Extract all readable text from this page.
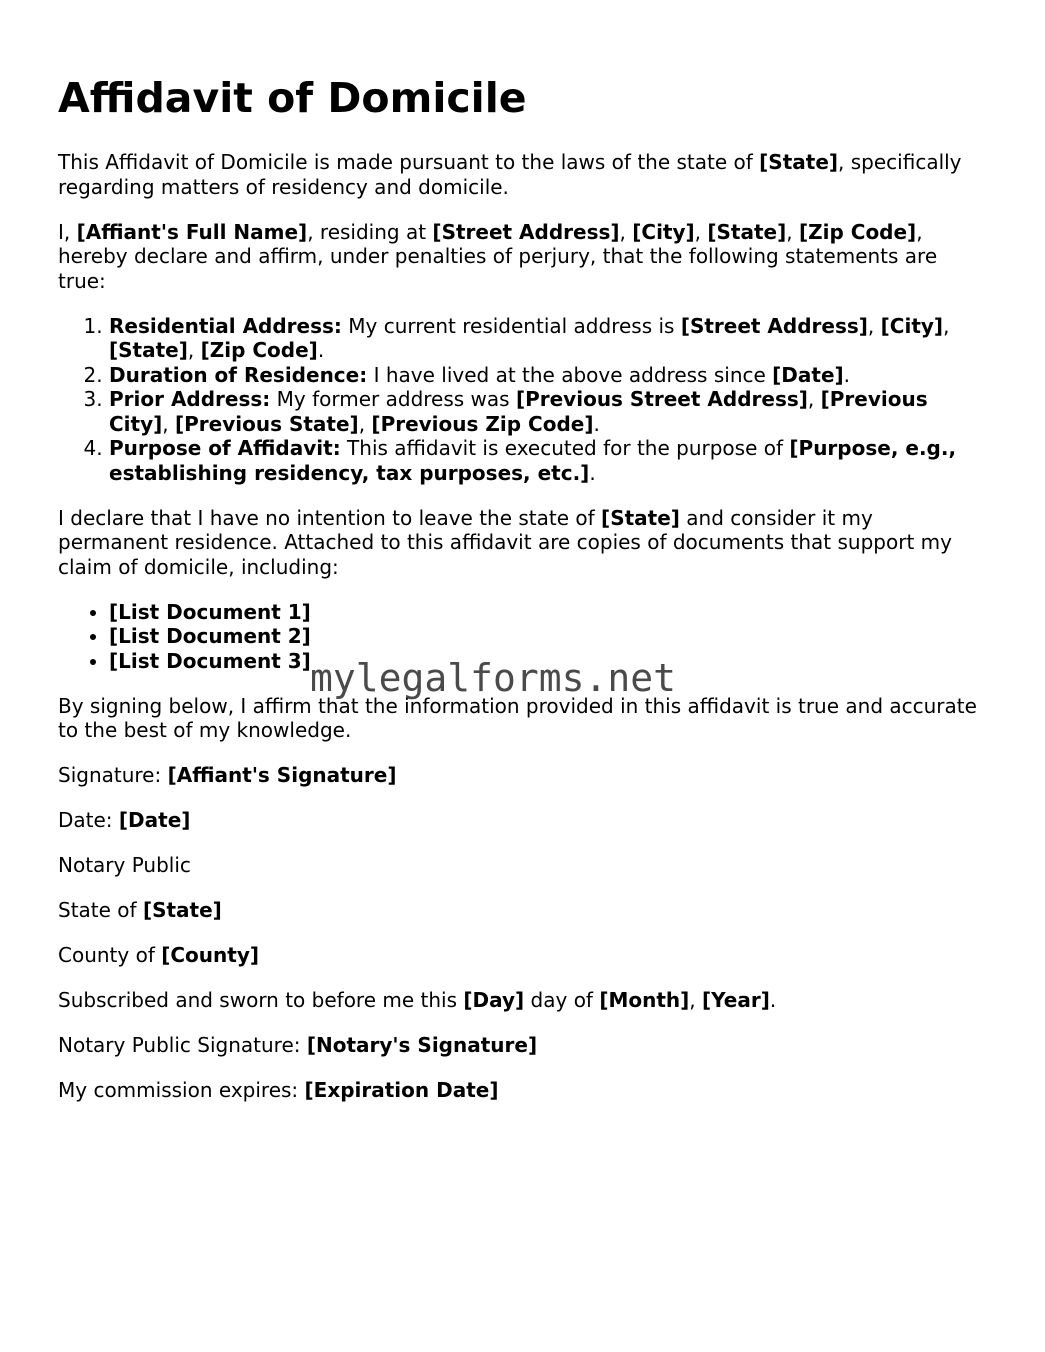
Affidavit of Domicile

This Affidavit of Domicile is made pursuant to the laws of the state of [State], specifically regarding matters of residency and domicile.

I, [Affiant's Full Name], residing at [Street Address], [City], [State], [Zip Code], hereby declare and affirm, under penalties of perjury, that the following statements are true:

1. Residential Address: My current residential address is [Street Address], [City], [State], [Zip Code].
2. Duration of Residence: I have lived at the above address since [Date].
3. Prior Address: My former address was [Previous Street Address], [Previous City], [Previous State], [Previous Zip Code].
4. Purpose of Affidavit: This affidavit is executed for the purpose of [Purpose, e.g., establishing residency, tax purposes, etc.].

I declare that I have no intention to leave the state of [State] and consider it my permanent residence. Attached to this affidavit are copies of documents that support my claim of domicile, including:

• [List Document 1]
• [List Document 2]
• [List Document 3]

By signing below, I affirm that the information provided in this affidavit is true and accurate to the best of my knowledge.

Signature: [Affiant's Signature]

Date: [Date]

Notary Public

State of [State]

County of [County]

Subscribed and sworn to before me this [Day] day of [Month], [Year].

Notary Public Signature: [Notary's Signature]

My commission expires: [Expiration Date]

mylegalforms.net
